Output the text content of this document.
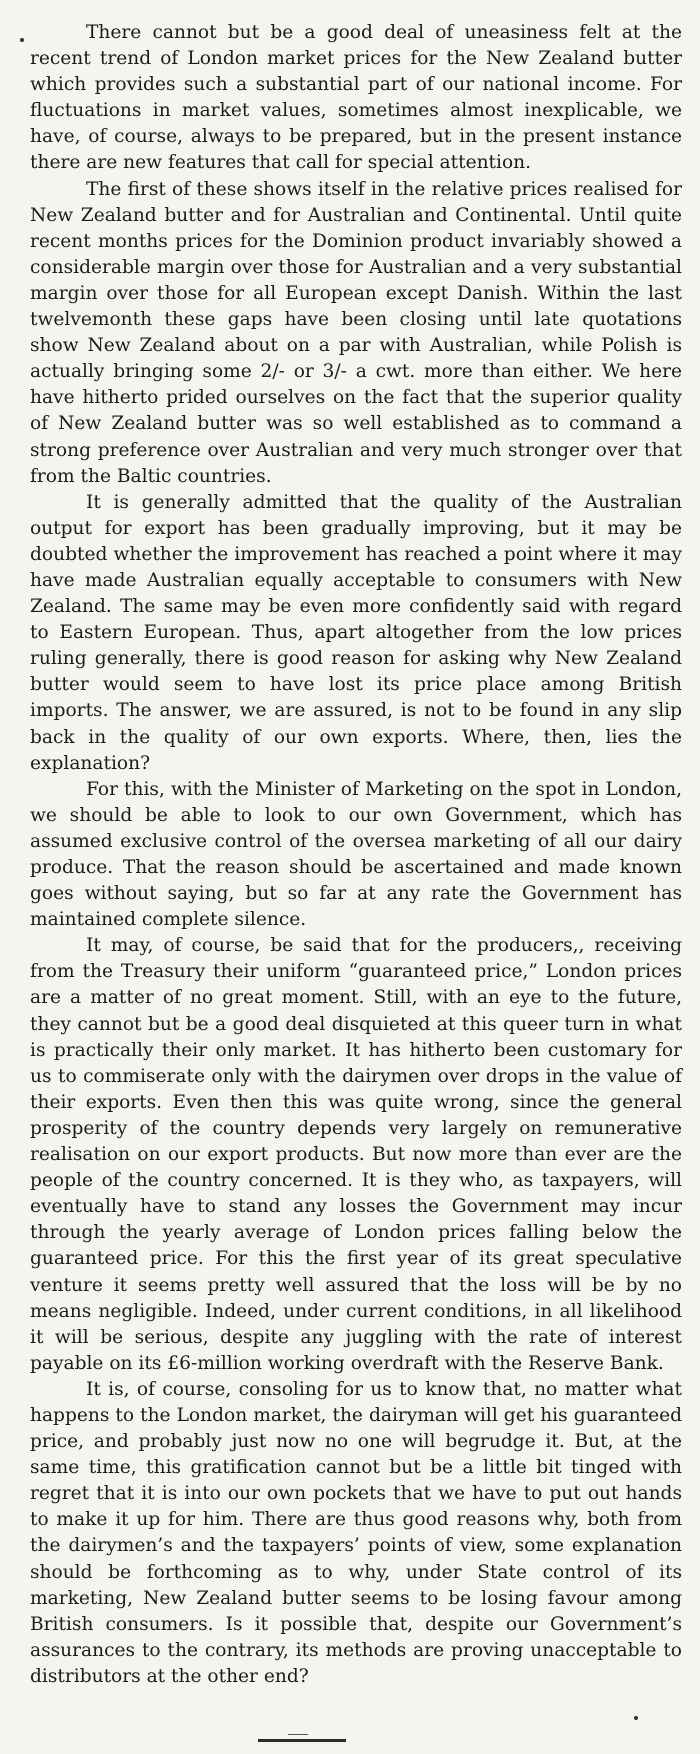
There cannot but be a good deal of uneasiness felt at the recent trend of London market prices for the New Zealand butter which provides such a substantial part of our national income. For fluctuations in market values, sometimes almost inexplicable, we have, of course, always to be prepared, but in the present instance there are new features that call for special attention.

The first of these shows itself in the relative prices realised for New Zealand butter and for Australian and Continental. Until quite recent months prices for the Dominion product invariably showed a considerable margin over those for Australian and a very substantial margin over those for all European except Danish. Within the last twelvemonth these gaps have been closing until late quotations show New Zealand about on a par with Australian, while Polish is actually bringing some 2/- or 3/- a cwt. more than either. We here have hitherto prided ourselves on the fact that the superior quality of New Zealand butter was so well established as to command a strong preference over Australian and very much stronger over that from the Baltic countries.

It is generally admitted that the quality of the Australian output for export has been gradually improving, but it may be doubted whether the improvement has reached a point where it may have made Australian equally acceptable to consumers with New Zealand. The same may be even more confidently said with regard to Eastern European. Thus, apart altogether from the low prices ruling generally, there is good reason for asking why New Zealand butter would seem to have lost its price place among British imports. The answer, we are assured, is not to be found in any slip back in the quality of our own exports. Where, then, lies the explanation?

For this, with the Minister of Marketing on the spot in London, we should be able to look to our own Government, which has assumed exclusive control of the oversea marketing of all our dairy produce. That the reason should be ascertained and made known goes without saying, but so far at any rate the Government has maintained complete silence.

It may, of course, be said that for the producers,, receiving from the Treasury their uniform “guaranteed price,” London prices are a matter of no great moment. Still, with an eye to the future, they cannot but be a good deal disquieted at this queer turn in what is practically their only market. It has hitherto been customary for us to commiserate only with the dairymen over drops in the value of their exports. Even then this was quite wrong, since the general prosperity of the country depends very largely on remunerative realisation on our export products. But now more than ever are the people of the country concerned. It is they who, as taxpayers, will eventually have to stand any losses the Government may incur through the yearly average of London prices falling below the guaranteed price. For this the first year of its great speculative venture it seems pretty well assured that the loss will be by no means negligible. Indeed, under current conditions, in all likelihood it will be serious, despite any juggling with the rate of interest payable on its £6-million working overdraft with the Reserve Bank.

It is, of course, consoling for us to know that, no matter what happens to the London market, the dairyman will get his guaranteed price, and probably just now no one will begrudge it. But, at the same time, this gratification cannot but be a little bit tinged with regret that it is into our own pockets that we have to put out hands to make it up for him. There are thus good reasons why, both from the dairymen’s and the taxpayers’ points of view, some explanation should be forthcoming as to why, under State control of its marketing, New Zealand butter seems to be losing favour among British consumers. Is it possible that, despite our Government’s assurances to the contrary, its methods are proving unacceptable to distributors at the other end?
